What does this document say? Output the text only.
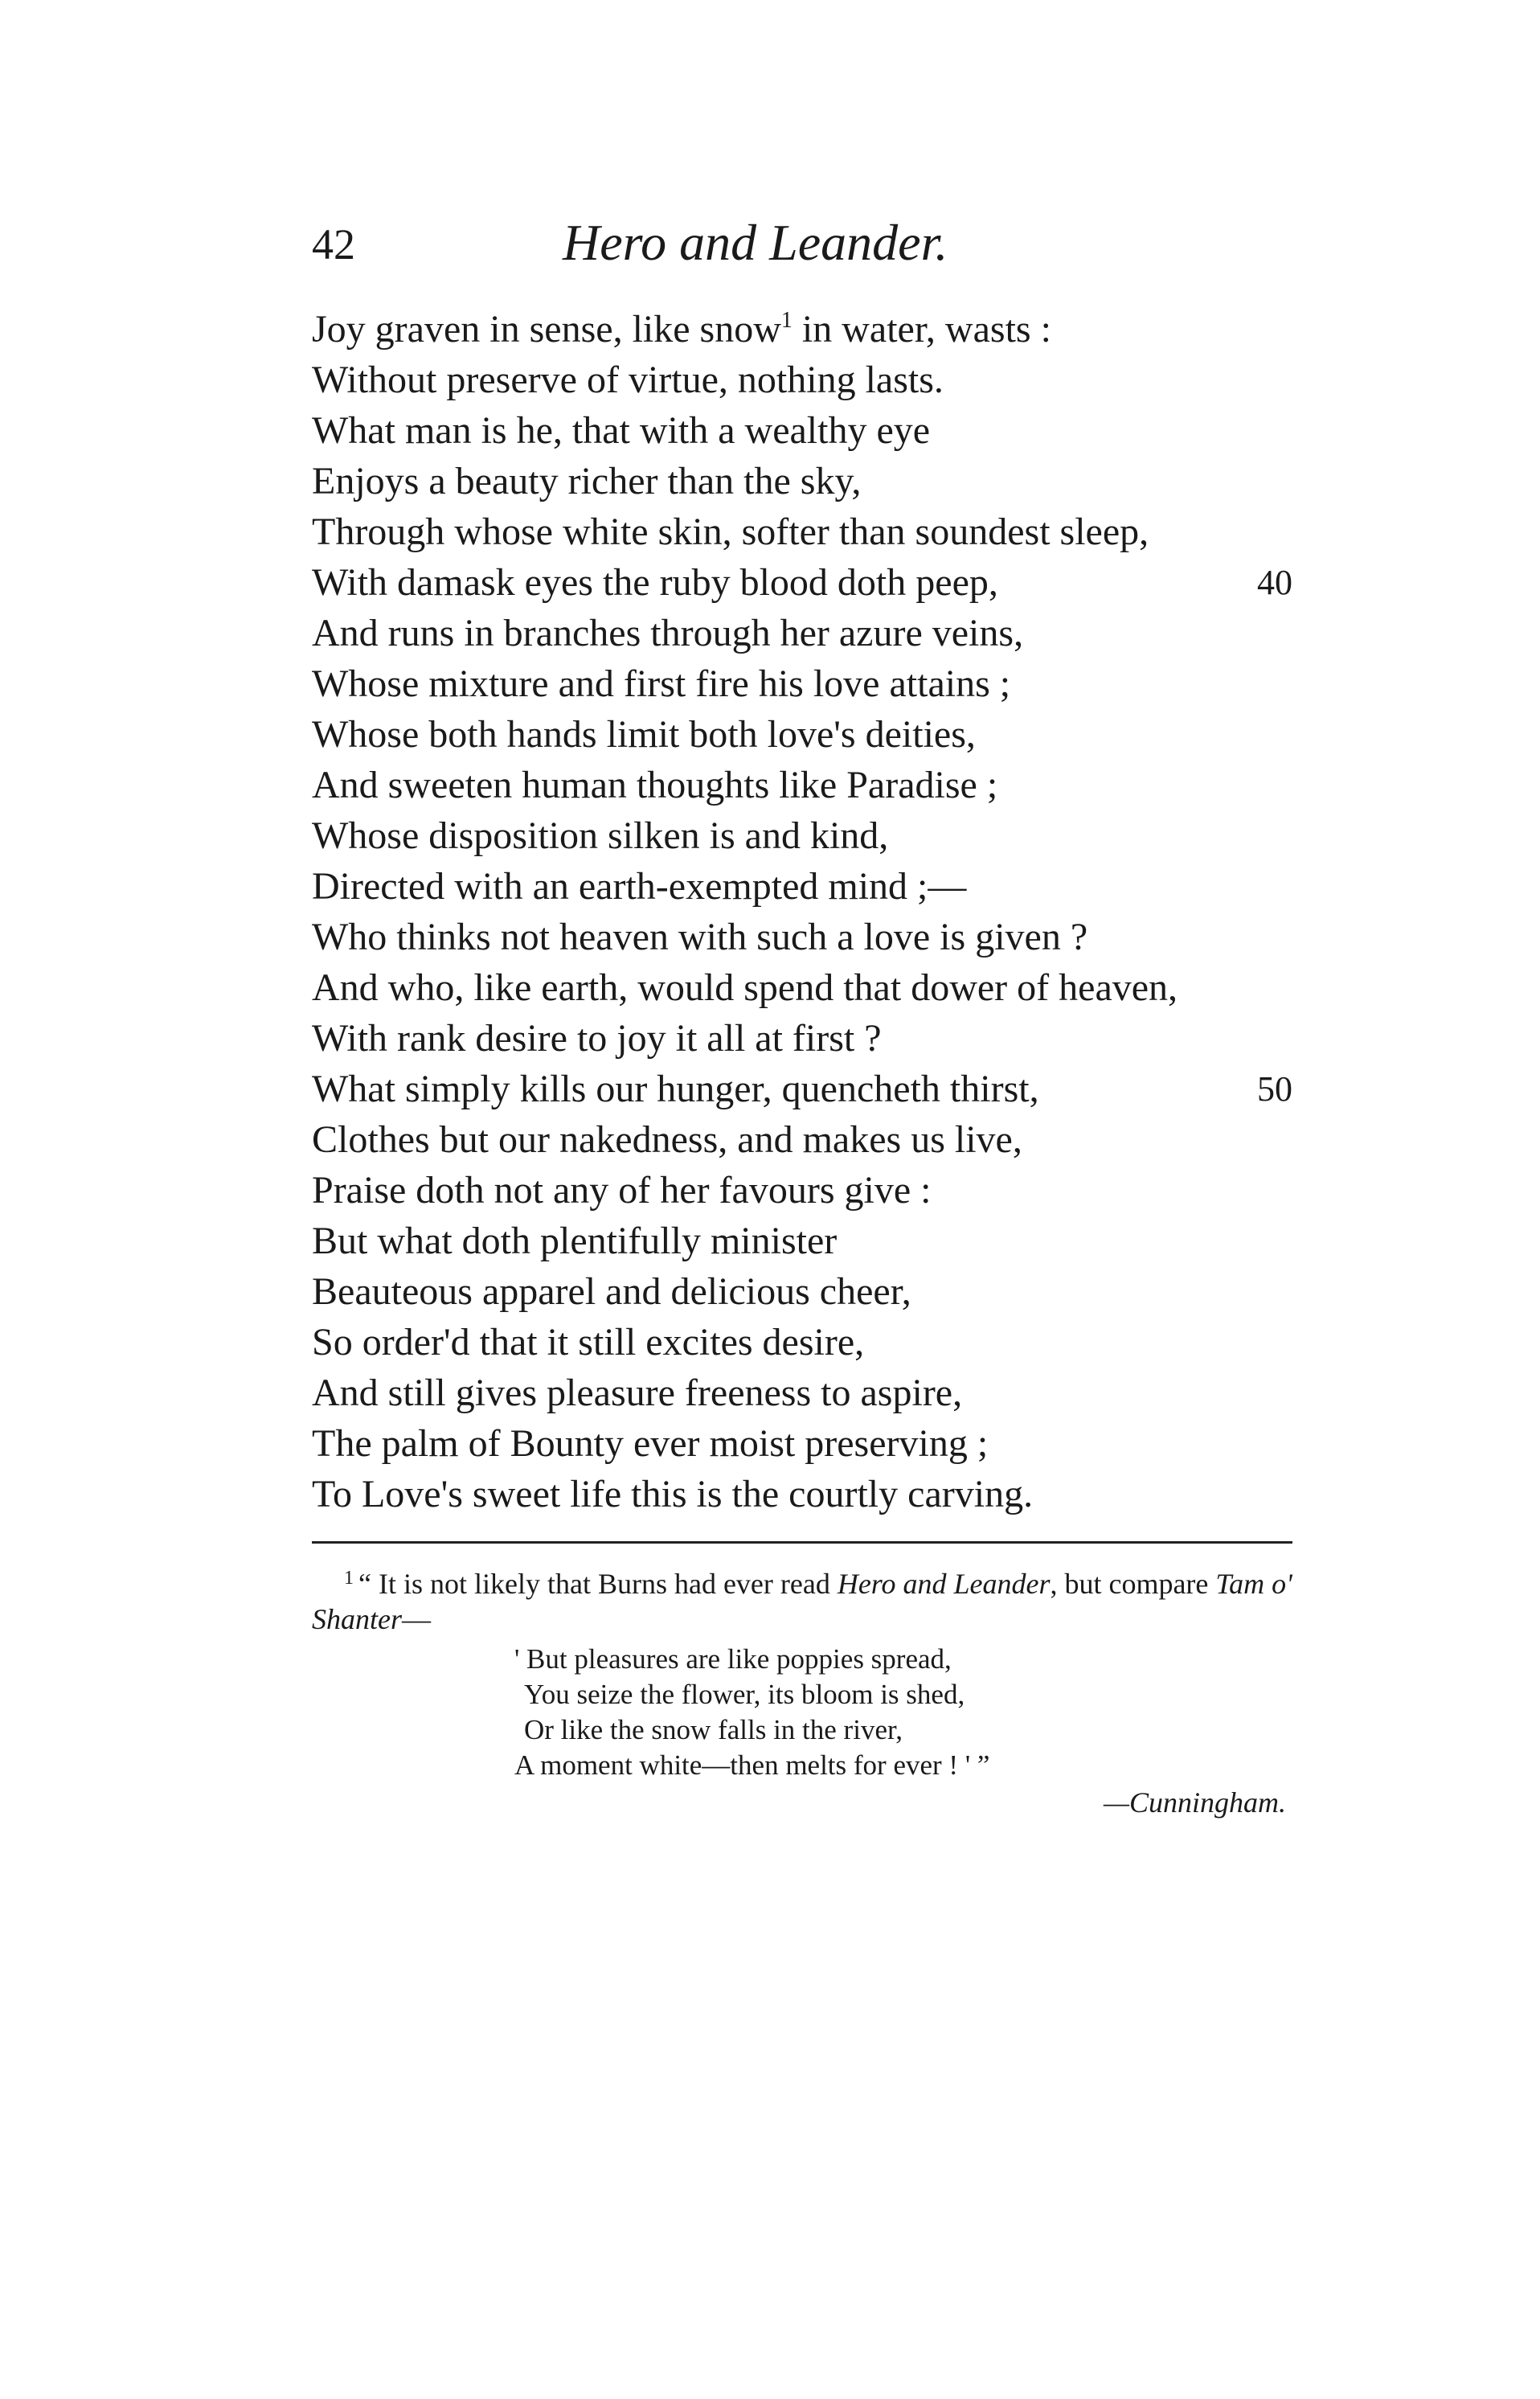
42	Hero and Leander.
Joy graven in sense, like snow$^1$ in water, wasts :
Without preserve of virtue, nothing lasts.
What man is he, that with a wealthy eye
Enjoys a beauty richer than the sky,
Through whose white skin, softer than soundest sleep,
With damask eyes the ruby blood doth peep,	40
And runs in branches through her azure veins,
Whose mixture and first fire his love attains ;
Whose both hands limit both love's deities,
And sweeten human thoughts like Paradise ;
Whose disposition silken is and kind,
Directed with an earth-exempted mind ;—
Who thinks not heaven with such a love is given ?
And who, like earth, would spend that dower of heaven,
With rank desire to joy it all at first ?
What simply kills our hunger, quencheth thirst,	50
Clothes but our nakedness, and makes us live,
Praise doth not any of her favours give :
But what doth plentifully minister
Beauteous apparel and delicious cheer,
So order'd that it still excites desire,
And still gives pleasure freeness to aspire,
The palm of Bounty ever moist preserving ;
To Love's sweet life this is the courtly carving.

$^1$ “ It is not likely that Burns had ever read Hero and Leander, but compare Tam o' Shanter—

' But pleasures are like poppies spread,
You seize the flower, its bloom is shed,
Or like the snow falls in the river,
A moment white—then melts for ever ! ' ”
—Cunningham.
